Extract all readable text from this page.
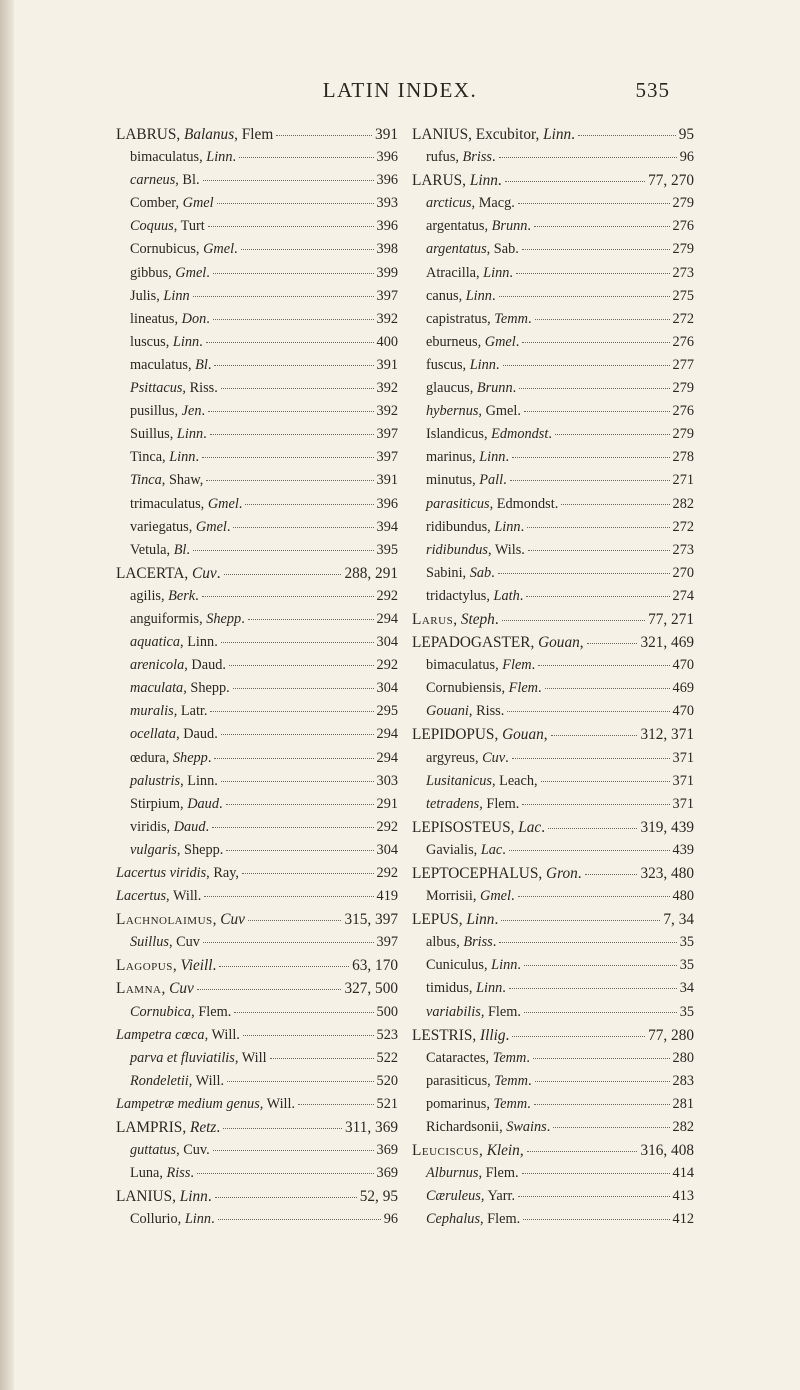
LATIN INDEX.	535
LABRUS, Balanus, Flem	391
bimaculatus, Linn.	396
carneus, Bl.	396
Comber, Gmel	393
Coquus, Turt	396
Cornubicus, Gmel.	398
gibbus, Gmel.	399
Julis, Linn	397
lineatus, Don.	392
luscus, Linn.	400
maculatus, Bl.	391
Psittacus, Riss.	392
pusillus, Jen.	392
Suillus, Linn.	397
Tinca, Linn.	397
Tinca, Shaw,	391
trimaculatus, Gmel.	396
variegatus, Gmel.	394
Vetula, Bl.	395
LACERTA, Cuv.	288, 291
agilis, Berk.	292
anguiformis, Shepp.	294
aquatica, Linn.	304
arenicola, Daud.	292
maculata, Shepp.	304
muralis, Latr.	295
ocellata, Daud.	294
œdura, Shepp.	294
palustris, Linn.	303
Stirpium, Daud.	291
viridis, Daud.	292
vulgaris, Shepp.	304
Lacertus viridis, Ray,	292
Lacertus, Will.	419
Lachnolaimus, Cuv	315, 397
Suillus, Cuv	397
Lagopus, Vieill.	63, 170
Lamna, Cuv	327, 500
Cornubica, Flem.	500
Lampetra cœca, Will.	523
parva et fluviatilis, Will	522
Rondeletii, Will.	520
Lampetræ medium genus, Will.	521
LAMPRIS, Retz.	311, 369
guttatus, Cuv.	369
Luna, Riss.	369
LANIUS, Linn.	52, 95
Collurio, Linn.	96
LANIUS, Excubitor, Linn.	95
rufus, Briss.	96
LARUS, Linn.	77, 270
arcticus, Macg.	279
argentatus, Brunn.	276
argentatus, Sab.	279
Atracilla, Linn.	273
canus, Linn.	275
capistratus, Temm.	272
eburneus, Gmel.	276
fuscus, Linn.	277
glaucus, Brunn.	279
hybernus, Gmel.	276
Islandicus, Edmondst.	279
marinus, Linn.	278
minutus, Pall.	271
parasiticus, Edmondst.	282
ridibundus, Linn.	272
ridibundus, Wils.	273
Sabini, Sab.	270
tridactylus, Lath.	274
Larus, Steph.	77, 271
LEPADOGASTER, Gouan,	321, 469
bimaculatus, Flem.	470
Cornubiensis, Flem.	469
Gouani, Riss.	470
LEPIDOPUS, Gouan,	312, 371
argyreus, Cuv.	371
Lusitanicus, Leach,	371
tetradens, Flem.	371
LEPISOSTEUS, Lac.	319, 439
Gavialis, Lac.	439
LEPTOCEPHALUS, Gron.	323, 480
Morrisii, Gmel.	480
LEPUS, Linn.	7, 34
albus, Briss.	35
Cuniculus, Linn.	35
timidus, Linn.	34
variabilis, Flem.	35
LESTRIS, Illig.	77, 280
Cataractes, Temm.	280
parasiticus, Temm.	283
pomarinus, Temm.	281
Richardsonii, Swains.	282
Leuciscus, Klein,	316, 408
Alburnus, Flem.	414
Cæruleus, Yarr.	413
Cephalus, Flem.	412
